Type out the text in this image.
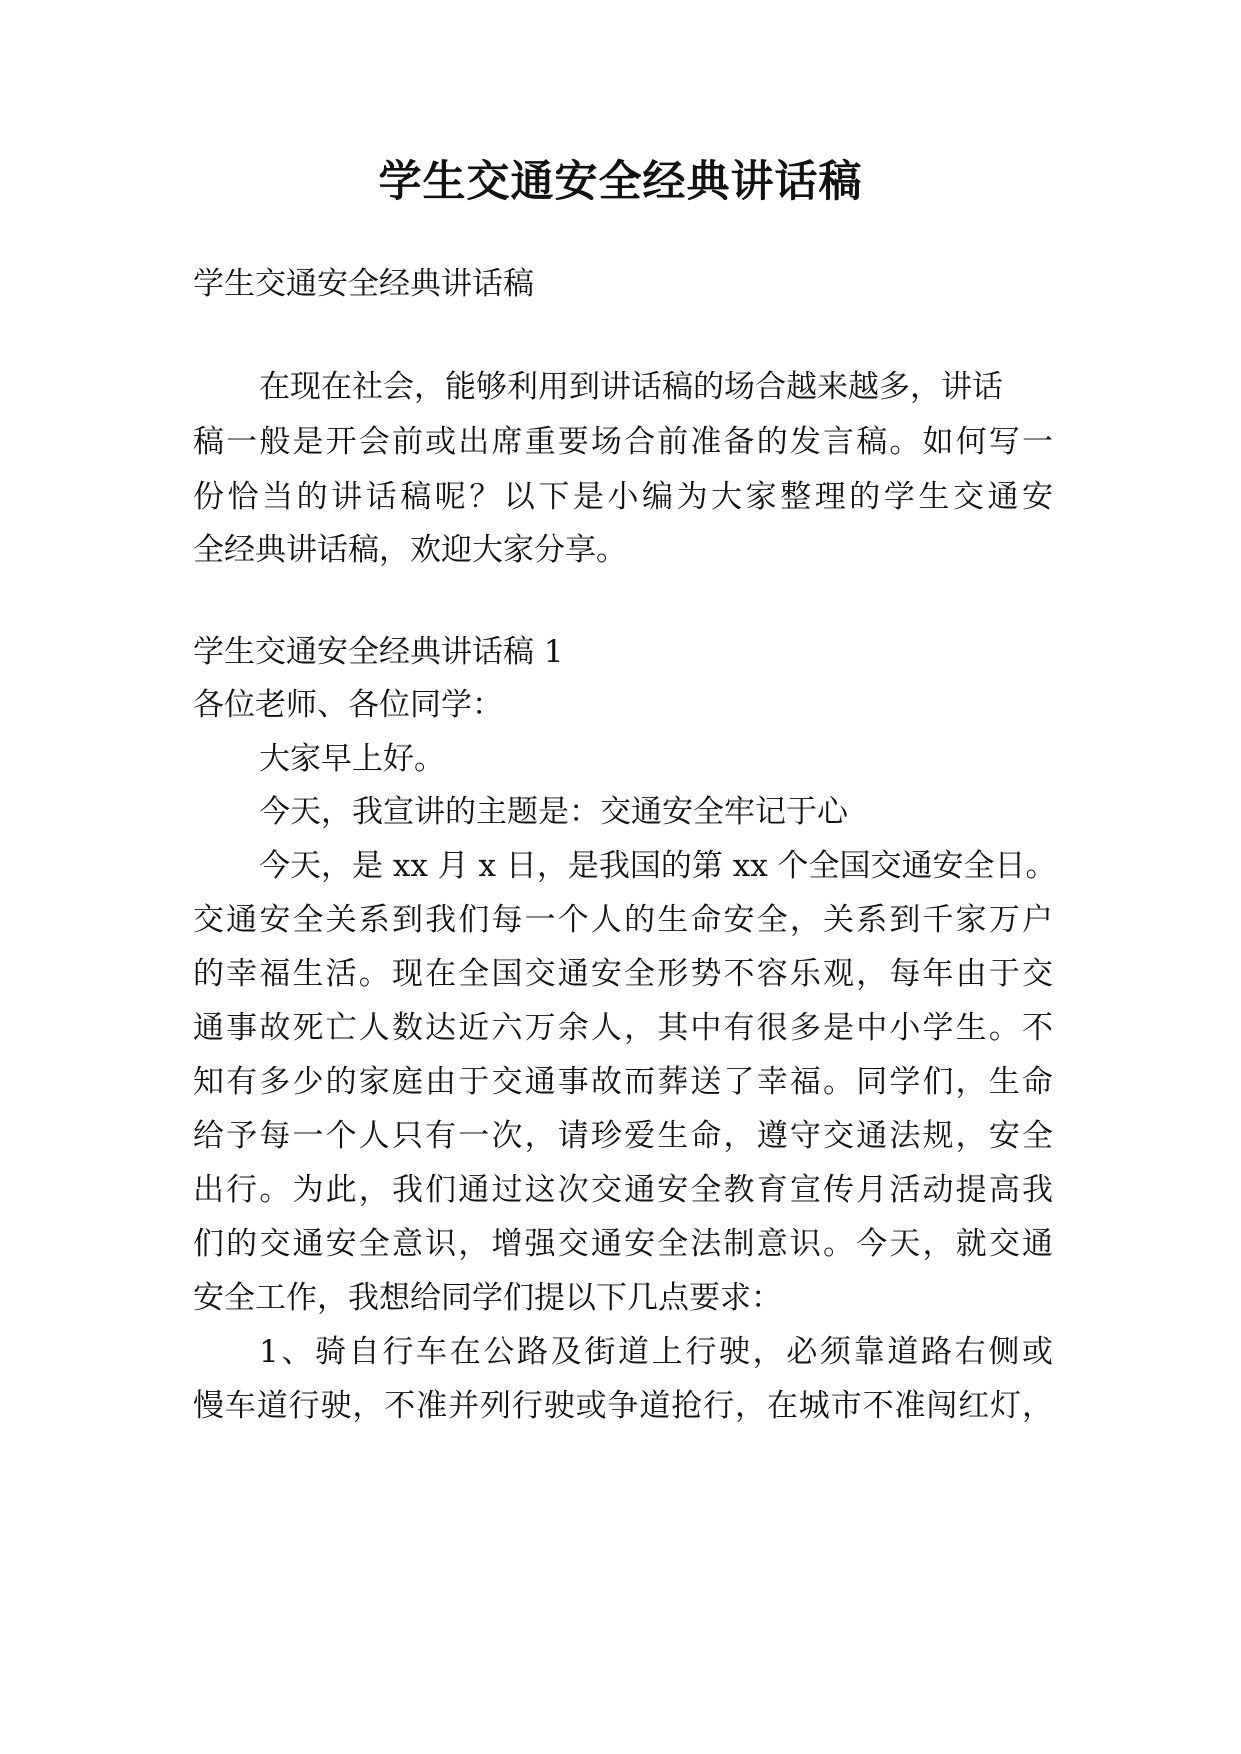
学生交通安全经典讲话稿

学生交通安全经典讲话稿

在现在社会，能够利用到讲话稿的场合越来越多，讲话

稿一般是开会前或出席重要场合前准备的发言稿。如何写一

份恰当的讲话稿呢？以下是小编为大家整理的学生交通安

全经典讲话稿，欢迎大家分享。

学生交通安全经典讲话稿 1

各位老师、各位同学：

大家早上好。

今天，我宣讲的主题是：交通安全牢记于心

今天，是 xx 月 x 日，是我国的第 xx 个全国交通安全日。

交通安全关系到我们每一个人的生命安全，关系到千家万户

的幸福生活。现在全国交通安全形势不容乐观，每年由于交

通事故死亡人数达近六万余人，其中有很多是中小学生。不

知有多少的家庭由于交通事故而葬送了幸福。同学们，生命

给予每一个人只有一次，请珍爱生命，遵守交通法规，安全

出行。为此，我们通过这次交通安全教育宣传月活动提高我

们的交通安全意识，增强交通安全法制意识。今天，就交通

安全工作，我想给同学们提以下几点要求：

1、骑自行车在公路及街道上行驶，必须靠道路右侧或

慢车道行驶，不准并列行驶或争道抢行，在城市不准闯红灯，
